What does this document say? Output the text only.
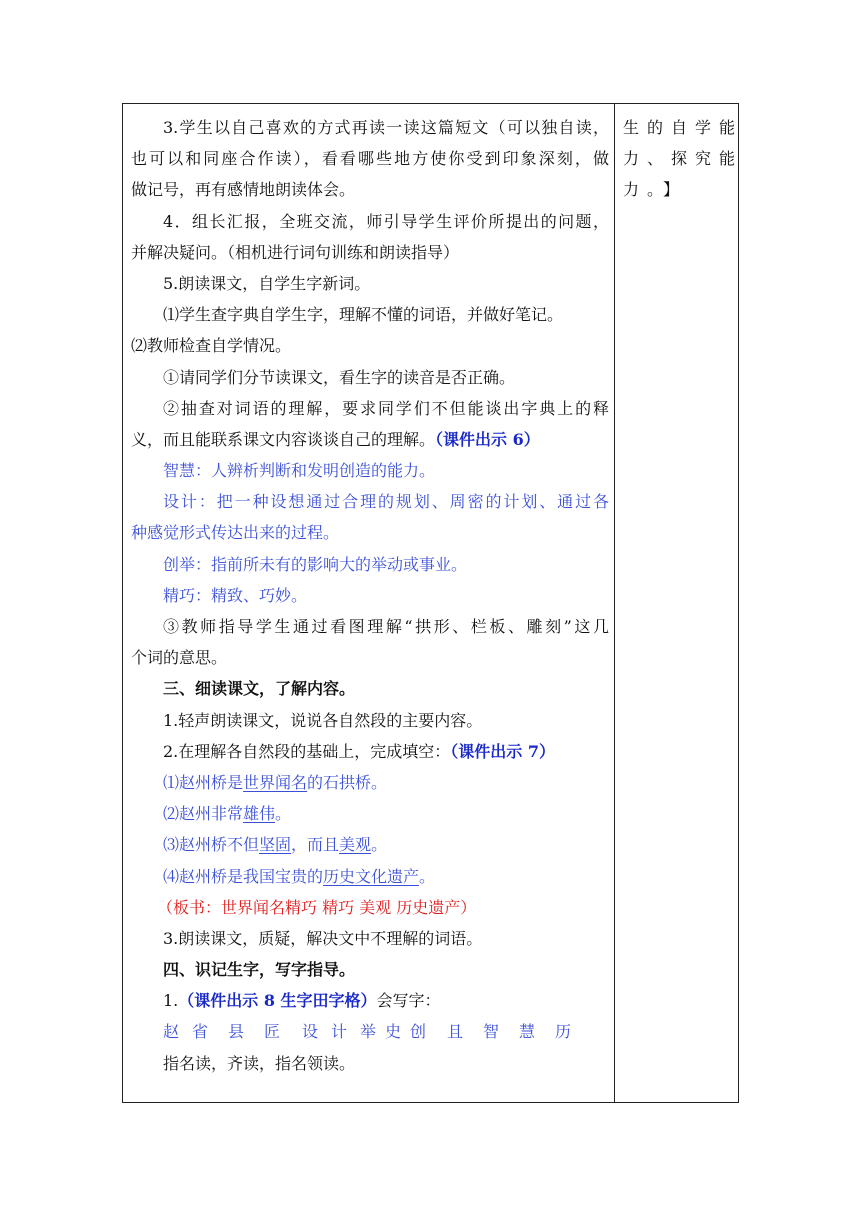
3.学生以自己喜欢的方式再读一读这篇短文（可以独自读，
也可以和同座合作读），看看哪些地方使你受到印象深刻，做
做记号，再有感情地朗读体会。
4．组长汇报，全班交流，师引导学生评价所提出的问题，
并解决疑问。（相机进行词句训练和朗读指导）
5.朗读课文，自学生字新词。
⑴学生查字典自学生字，理解不懂的词语，并做好笔记。
⑵教师检查自学情况。
①请同学们分节读课文，看生字的读音是否正确。
②抽查对词语的理解，要求同学们不但能谈出字典上的释
义，而且能联系课文内容谈谈自己的理解。（课件出示 6）
智慧：人辨析判断和发明创造的能力。
设计：把一种设想通过合理的规划、周密的计划、通过各
种感觉形式传达出来的过程。
创举：指前所未有的影响大的举动或事业。
精巧：精致、巧妙。
③教师指导学生通过看图理解“拱形、栏板、雕刻”这几
个词的意思。
三、细读课文，了解内容。
1.轻声朗读课文，说说各自然段的主要内容。
2.在理解各自然段的基础上，完成填空：（课件出示 7）
⑴赵州桥是世界闻名的石拱桥。
⑵赵州非常雄伟。
⑶赵州桥不但坚固，而且美观。
⑷赵州桥是我国宝贵的历史文化遗产。
（板书：世界闻名精巧 精巧 美观 历史遗产）
3.朗读课文，质疑，解决文中不理解的词语。
四、识记生字，写字指导。
1.（课件出示 8 生字田字格）会写字：
赵 省 县 匠 设 计 举 史 创 且 智 慧 历
指名读，齐读，指名领读。
生的自学能
力、探究能
力。】
